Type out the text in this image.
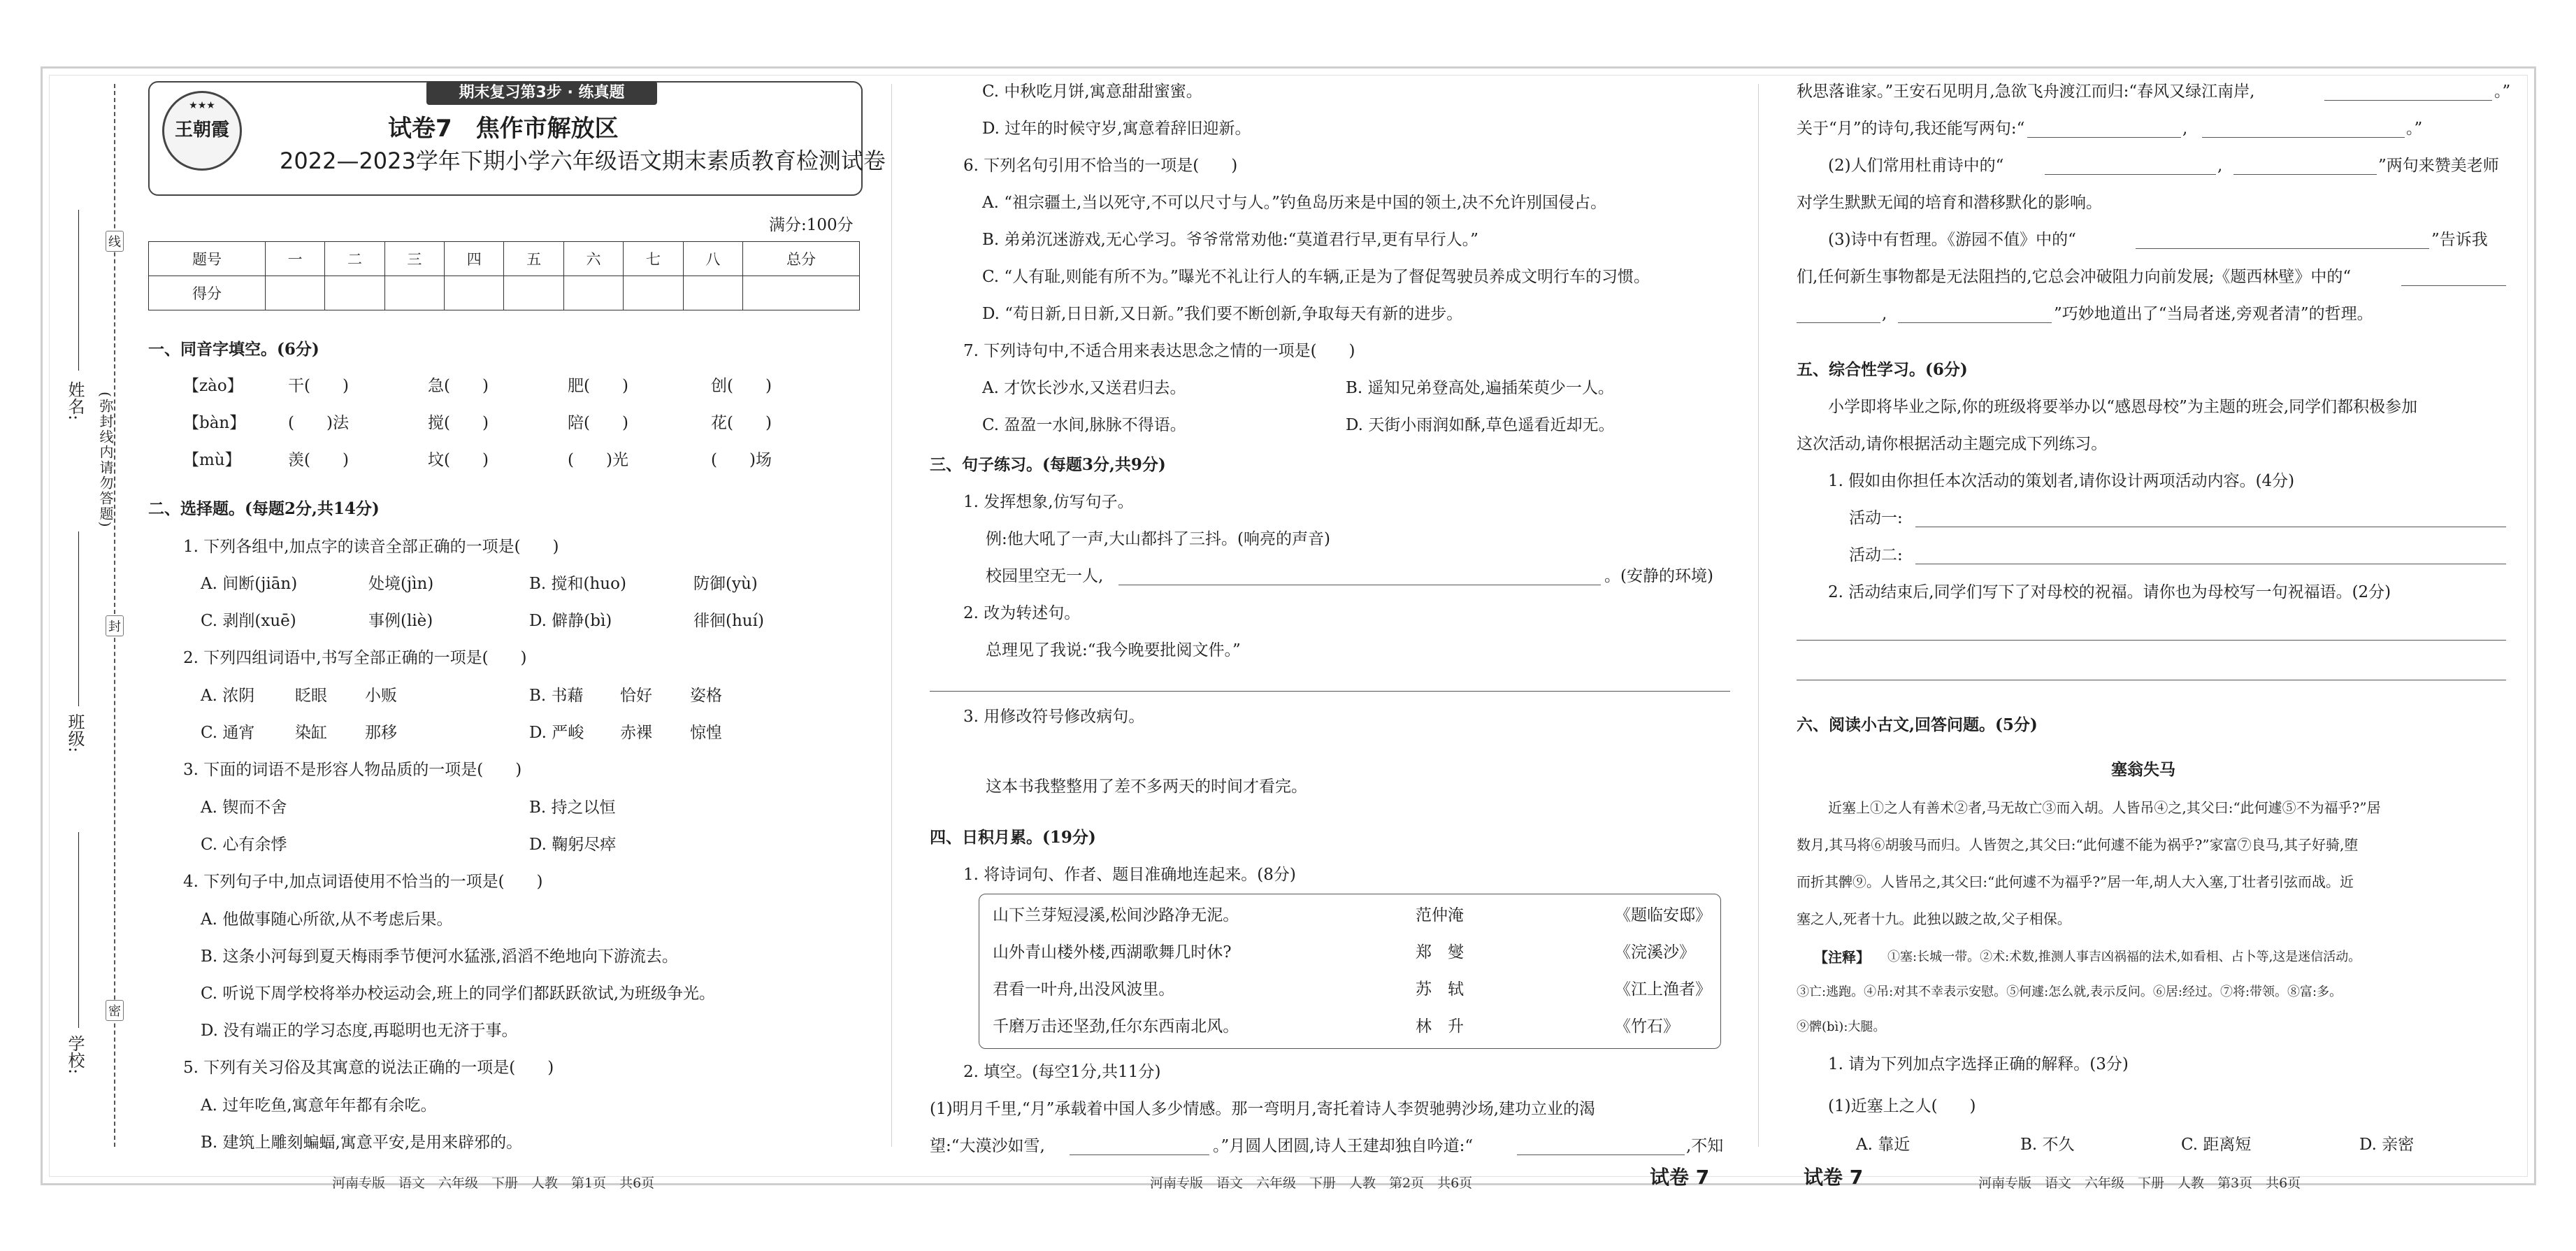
姓名:
班级:
学校:
(弥封线内请勿答题)
线
封
密
期末复习第3步 · 练真题
★★★
王朝霞	试卷7　焦作市解放区
2022—2023学年下期小学六年级语文期末素质教育检测试卷
满分:100分
题号	一	二	三	四	五	六	七	八	总分
得分									
一、同音字填空。(6分)
【zào】	干(　　)	急(　　)	肥(　　)	创(　　)
【bàn】	(　　)法	搅(　　)	陪(　　)	花(　　)
【mù】	羡(　　)	坟(　　)	(　　)光	(　　)场
二、选择题。(每题2分,共14分)
1. 下列各组中,加点字的读音全部正确的一项是(　　)
A. 间断(jiān)	处境(jìn)	B. 搅和(huo)	防御(yù)
C. 剥削(xuē)	事例(liè)	D. 僻静(bì)	徘徊(huí)
2. 下列四组词语中,书写全部正确的一项是(　　)
A. 浓阴	眨眼 小贩	B. 书藉 恰好 姿格
C. 通宵	染缸 那移	D. 严峻 赤裸 惊惶
3. 下面的词语不是形容人物品质的一项是(　　)
A. 锲而不舍	B. 持之以恒
C. 心有余悸	D. 鞠躬尽瘁
4. 下列句子中,加点词语使用不恰当的一项是(　　)
A. 他做事随心所欲,从不考虑后果。
B. 这条小河每到夏天梅雨季节便河水猛涨,滔滔不绝地向下游流去。
C. 听说下周学校将举办校运动会,班上的同学们都跃跃欲试,为班级争光。
D. 没有端正的学习态度,再聪明也无济于事。
5. 下列有关习俗及其寓意的说法正确的一项是(　　)
A. 过年吃鱼,寓意年年都有余吃。
B. 建筑上雕刻蝙蝠,寓意平安,是用来辟邪的。
河南专版　语文　六年级　下册　人教　第1页　共6页
C. 中秋吃月饼,寓意甜甜蜜蜜。
D. 过年的时候守岁,寓意着辞旧迎新。
6. 下列名句引用不恰当的一项是(　　)
A. “祖宗疆土,当以死守,不可以尺寸与人。”钓鱼岛历来是中国的领土,决不允许別国侵占。
B. 弟弟沉迷游戏,无心学习。爷爷常常劝他:“莫道君行早,更有早行人。”
C. “人有耻,则能有所不为。”曝光不礼让行人的车辆,正是为了督促驾驶员养成文明行车的习惯。
D. “苟日新,日日新,又日新。”我们要不断创新,争取每天有新的进步。
7. 下列诗句中,不适合用来表达思念之情的一项是(　　)
A. 才饮长沙水,又送君归去。	B. 遥知兄弟登高处,遍插茱萸少一人。
C. 盈盈一水间,脉脉不得语。	D. 天街小雨润如酥,草色遥看近却无。
三、句子练习。(每题3分,共9分)
1. 发挥想象,仿写句子。
例:他大吼了一声,大山都抖了三抖。(响亮的声音)
校园里空无一人,	。(安静的环境)
2. 改为转述句。
总理见了我说:“我今晚要批阅文件。”
3. 用修改符号修改病句。
这本书我整整用了差不多两天的时间才看完。
四、日积月累。(19分)
1. 将诗词句、作者、题目准确地连起来。(8分)
山下兰芽短浸溪,松间沙路净无泥。	范仲淹	《题临安邸》
山外青山楼外楼,西湖歌舞几时休?	郑　燮	《浣溪沙》
君看一叶舟,出没风波里。	苏　轼	《江上渔者》
千磨万击还坚劲,任尔东西南北风。	林　升	《竹石》
2. 填空。(每空1分,共11分)
(1)明月千里,“月”承载着中国人多少情感。那一弯明月,寄托着诗人李贺驰骋沙场,建功立业的渴
望:“大漠沙如雪,	。”月圆人团圆,诗人王建却独自吟道:“	,不知
河南专版　语文　六年级　下册　人教　第2页　共6页	试卷 7
秋思落谁家。”王安石见明月,急欲飞舟渡江而归:“春风又绿江南岸,	。”
关于“月”的诗句,我还能写两句:“	,	。”
(2)人们常用杜甫诗中的“	,	”两句来赞美老师
对学生默默无闻的培育和潜移默化的影响。
(3)诗中有哲理。《游园不值》中的“	”告诉我
们,任何新生事物都是无法阻挡的,它总会冲破阻力向前发展;《题西林壁》中的“
,	”巧妙地道出了“当局者迷,旁观者清”的哲理。
五、综合性学习。(6分)
小学即将毕业之际,你的班级将要举办以“感恩母校”为主题的班会,同学们都积极参加
这次活动,请你根据活动主题完成下列练习。
1. 假如由你担任本次活动的策划者,请你设计两项活动内容。(4分)
活动一:
活动二:
2. 活动结束后,同学们写下了对母校的祝福。请你也为母校写一句祝福语。(2分)
六、阅读小古文,回答问题。(5分)
塞翁失马
近塞上①之人有善术②者,马无故亡③而入胡。人皆吊④之,其父曰:“此何遽⑤不为福乎?”居
数月,其马将⑥胡骏马而归。人皆贺之,其父曰:“此何遽不能为祸乎?”家富⑦良马,其子好骑,堕
而折其髀⑨。人皆吊之,其父曰:“此何遽不为福乎?”居一年,胡人大入塞,丁壮者引弦而战。近
塞之人,死者十九。此独以跛之故,父子相保。
【注释】 ①塞:长城一带。②术:术数,推测人事吉凶祸福的法术,如看相、占卜等,这是迷信活动。
③亡:逃跑。④吊:对其不幸表示安慰。⑤何遽:怎么就,表示反问。⑥居:经过。⑦将:带领。⑧富:多。
⑨髀(bì):大腿。
1. 请为下列加点字选择正确的解释。(3分)
(1)近塞上之人(　　)
A. 靠近	B. 不久	C. 距离短	D. 亲密
试卷 7	河南专版　语文　六年级　下册　人教　第3页　共6页
